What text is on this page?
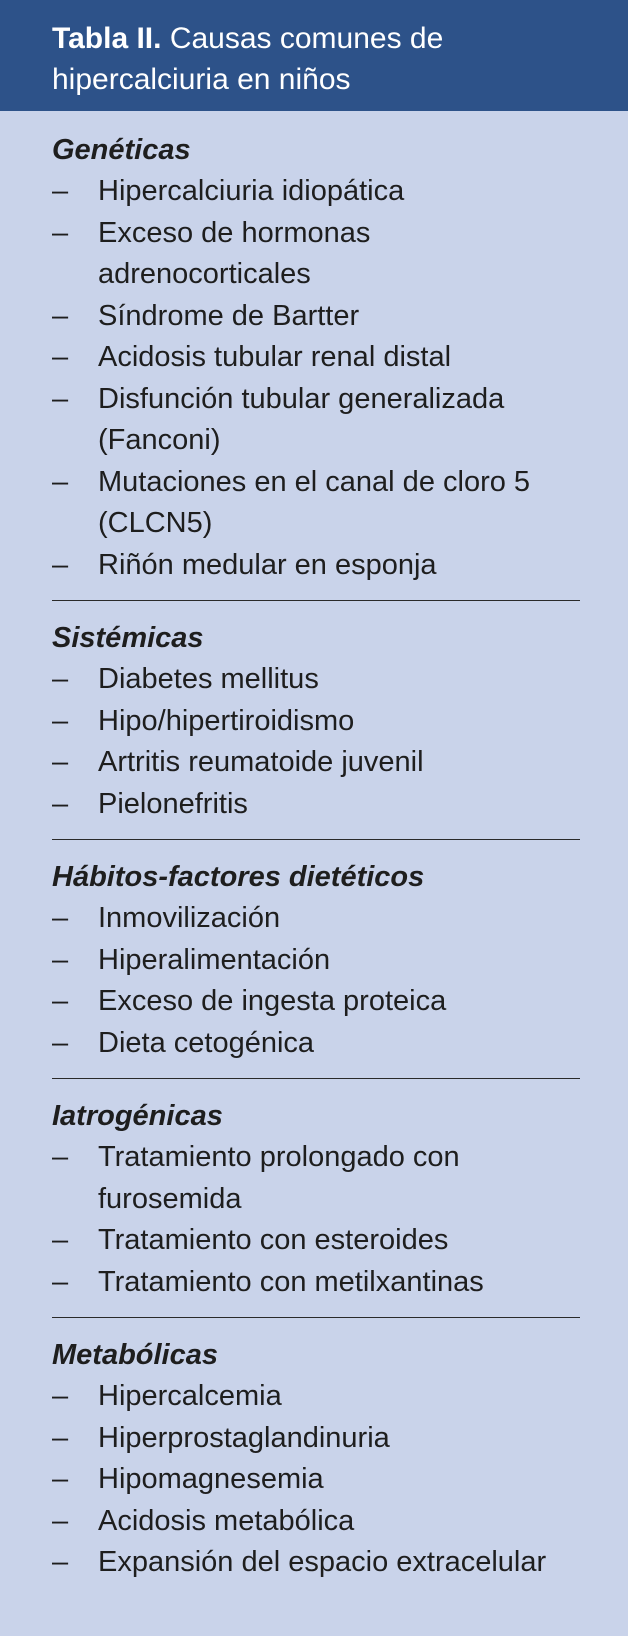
Tabla II. Causas comunes de hipercalciuria en niños
Genéticas
–	Hipercalciuria idiopática
–	Exceso de hormonas adrenocorticales
–	Síndrome de Bartter
–	Acidosis tubular renal distal
–	Disfunción tubular generalizada (Fanconi)
–	Mutaciones en el canal de cloro 5 (CLCN5)
–	Riñón medular en esponja
Sistémicas
–	Diabetes mellitus
–	Hipo/hipertiroidismo
–	Artritis reumatoide juvenil
–	Pielonefritis
Hábitos-factores dietéticos
–	Inmovilización
–	Hiperalimentación
–	Exceso de ingesta proteica
–	Dieta cetogénica
Iatrogénicas
–	Tratamiento prolongado con furosemida
–	Tratamiento con esteroides
–	Tratamiento con metilxantinas
Metabólicas
–	Hipercalcemia
–	Hiperprostaglandinuria
–	Hipomagnesemia
–	Acidosis metabólica
–	Expansión del espacio extracelular
